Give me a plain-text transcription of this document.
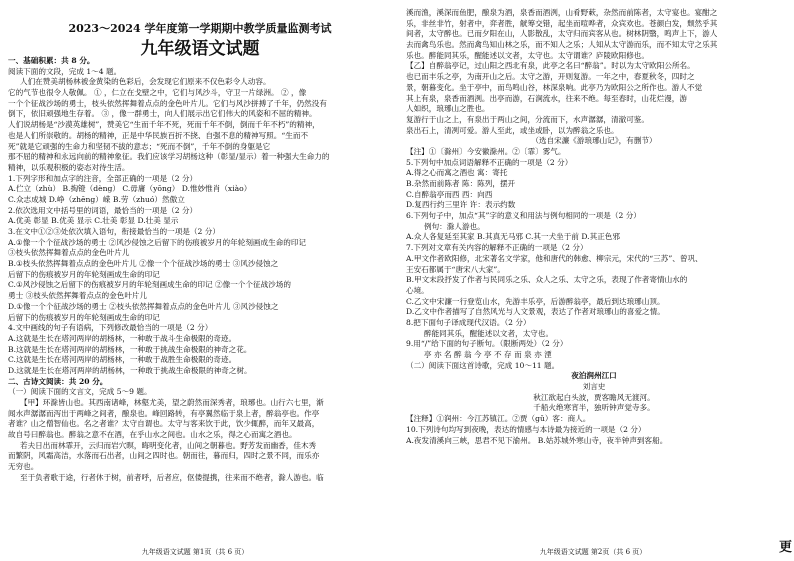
2023～2024 学年度第一学期期中教学质量监测考试
九年级语文试题
一、基础积累：共 8 分。
阅读下面的文段，完成 1～4 题。
人们在赞美胡杨林被金黄染的色彩后，会发现它们原来不仅色彩令人动容。
它的气节也很令人敬佩。 ① ，仁立在戈壁之中，它们与风沙斗，守卫一片绿洲。 ② ，像
一个个征战沙场的勇士，枝头依然挥舞着点点的金色叶片儿。它们与风沙拼搏了千年，仍然没有
倒下，依旧顽强地生存着。 ③ ，像一群勇士，向人们展示出它们伟大的风姿和不屈的精神。
人们说胡杨是“沙漠英雄树”，赞美它“生而千年不死，死而千年不倒，倒而千年不朽”的精神，
也是人们所崇敬的。胡杨的精神，正是中华民族百折不挠、自强不息的精神写照。“生而不
死”就是它顽强的生命力和坚韧不拔的意志；“死而不倒”，千年不倒的身躯是它
那不屈的精神和永远向前的精神象征。我们应该学习胡杨这种（彰显/显示）着一种强大生命力的
精神，以乐观积极的姿态对待生活。
1.下列字形和加点字的注音，全部正确的一项是（2 分）
A.伫立（zhù） B.掏镫（dèng） C.毋庸（yōng） D.惟妙惟肖（xiào）
C.众志成城 D.峥（zhēng）嵘 B.劳（zhuó）然傲立
2.依次选用文中括号里的词语，最恰当的一项是（2 分）
A.优美 彰显 B.优美 显示 C.壮美 彰显 D.壮美 显示
3.在文中①②③处依次填入语句，衔接最恰当的一项是（2 分）
A.①像一个个征战沙场的勇士 ②风沙侵蚀之后留下的伤痕被岁月的年轮刻画成生命的印记
③枝头依然挥舞着点点的金色叶片儿
B.①枝头依然挥舞着点点的金色叶片儿 ②像一个个征战沙场的勇士 ③风沙侵蚀之
后留下的伤痕被岁月的年轮刻画成生命的印记
C.①风沙侵蚀之后留下的伤痕被岁月的年轮刻画成生命的印记 ②像一个个征战沙场的
勇士 ③枝头依然挥舞着点点的金色叶片儿
D.①像一个个征战沙场的勇士 ②枝头依然挥舞着点点的金色叶片儿 ③风沙侵蚀之
后留下的伤痕被岁月的年轮刻画成生命的印记
4.文中画线的句子有语病，下列修改最恰当的一项是（2 分）
A.这就是生长在塔河两岸的胡杨林，一种敢于战斗生命极限的奇迹。
B.这就是生长在塔河两岸的胡杨林，一种敢于挑战生命极限的神奇之花。
C.这就是生长在塔河两岸的胡杨林，一种敢于战胜生命极限的奇迹。
D.这就是生长在塔河两岸的胡杨林，一种敢于挑战生命极限的神奇之树。
二、古诗文阅读：共 20 分。
（一）阅读下面的文言文，完成 5～9 题。
【甲】环滁皆山也。其西南诸峰，林壑尤美，望之蔚然而深秀者，琅琊也。山行六七里，渐
闻水声潺潺而泻出于两峰之间者，酿泉也。峰回路转，有亭翼然临于泉上者，醉翁亭也。作亭
者谁？山之僧智仙也。名之者谁？太守自谓也。太守与客来饮于此，饮少辄醉，而年又最高，
故自号曰醉翁也。醉翁之意不在酒，在乎山水之间也。山水之乐，得之心而寓之酒也。
若夫日出而林霏开，云归而岩穴暝，晦明变化者，山间之朝暮也。野芳发而幽香，佳木秀
而繁阴，风霜高洁，水落而石出者，山间之四时也。朝而往，暮而归，四时之景不同，而乐亦
无穷也。
至于负者歌于途，行者休于树，前者呼，后者应，伛偻提携，往来而不绝者，滁人游也。临
九年级语文试题 第1页（共 6 页）
溪而渔，溪深而鱼肥，酿泉为酒，泉香而酒洌，山肴野蔌，杂然而前陈者，太守宴也。宴酣之
乐，非丝非竹，射者中，弈者胜，觥筹交错，起坐而喧哗者，众宾欢也。苍颜白发，颓然乎其
间者，太守醉也。已而夕阳在山，人影散乱，太守归而宾客从也。树林阴翳，鸣声上下，游人
去而禽鸟乐也。然而禽鸟知山林之乐，而不知人之乐；人知从太守游而乐，而不知太守之乐其
乐也。醉能同其乐，醒能述以文者，太守也。太守谓谁？庐陵欧阳修也。
【乙】自醉翁亭记，过山阳之西北有泉，此亭之名曰“醉翁”。时以为太守欧阳公所名。
也已而丰乐之亭，为南开山之后。太守之游，开则复游。一年之中，春夏秋冬，四时之
景，朝暮变化。坐于亭中，而鸟鸣山谷，林深泉响。此亭乃为欧阳公之所作也。游人不觉
其上有泉，泉香而酒洌。出亭而游，石涧流水，往来不绝。每至春时，山花烂漫，游
人如织，琅琊山之胜也。
复游行于山之上，有泉出于两山之间，分流而下，水声潺潺，清澈可鉴。
泉出石上，清冽可爱。游人至此，或坐或卧，以为醉翁之乐也。
（选自宋濂《游琅琊山记》，有删节）
【注】①〔滁州〕今安徽滁州。②〔霏〕雾气。
5.下列句中加点词语解释不正确的一项是（2 分）
A.得之心而寓之酒也 寓：寄托
B.杂然而前陈者 陈：陈列，摆开
C.自醉翁亭而西 西：向西
D.复西行约三里许 许：表示约数
6.下列句子中，加点“其”字的意义和用法与例句相同的一项是（2 分）
例句：滁人游也。
A.众人各复延至其家 B.其真无马邪 C.其一犬坐于前 D.其正色邪
7.下列对文章有关内容的解释不正确的一项是（2 分）
A.甲文作者欧阳修，北宋著名文学家，他和唐代的韩愈、柳宗元，宋代的“三苏”、曾巩、
王安石都属于“唐宋八大家”。
B.甲文末段抒发了作者与民同乐之乐、众人之乐、太守之乐，表现了作者寄情山水的
心境。
C.乙文中宋濂一行登览山水，先游丰乐亭，后游醉翁亭，最后到达琅琊山顶。
D.乙文中作者描写了自然风光与人文景观，表达了作者对琅琊山的喜爱之情。
8.把下面句子译成现代汉语。（2 分）
醉能同其乐，醒能述以文者，太守也。
9.用“/”给下面的句子断句。（限断两处）（2 分）
亭 亦 名 醉 翁 今 亭 不 存 而 泉 亦 湮
（二）阅读下面这首诗歌，完成 10～11 题。
夜泊润州江口
刘言史
秋江欲起白头波，贾客瞻风无渡河。
千船火绝寒宵半，独听钟声觉寺多。
【注释】①润州：今江苏镇江。②贾（gǔ）客：商人。
10.下列诗句均写到夜晚，表达的情感与本诗最为接近的一项是（2 分）
A.夜发清溪向三峡，思君不见下渝州。 B.姑苏城外寒山寺，夜半钟声到客船。
九年级语文试题 第2页（共 6 页）	更
